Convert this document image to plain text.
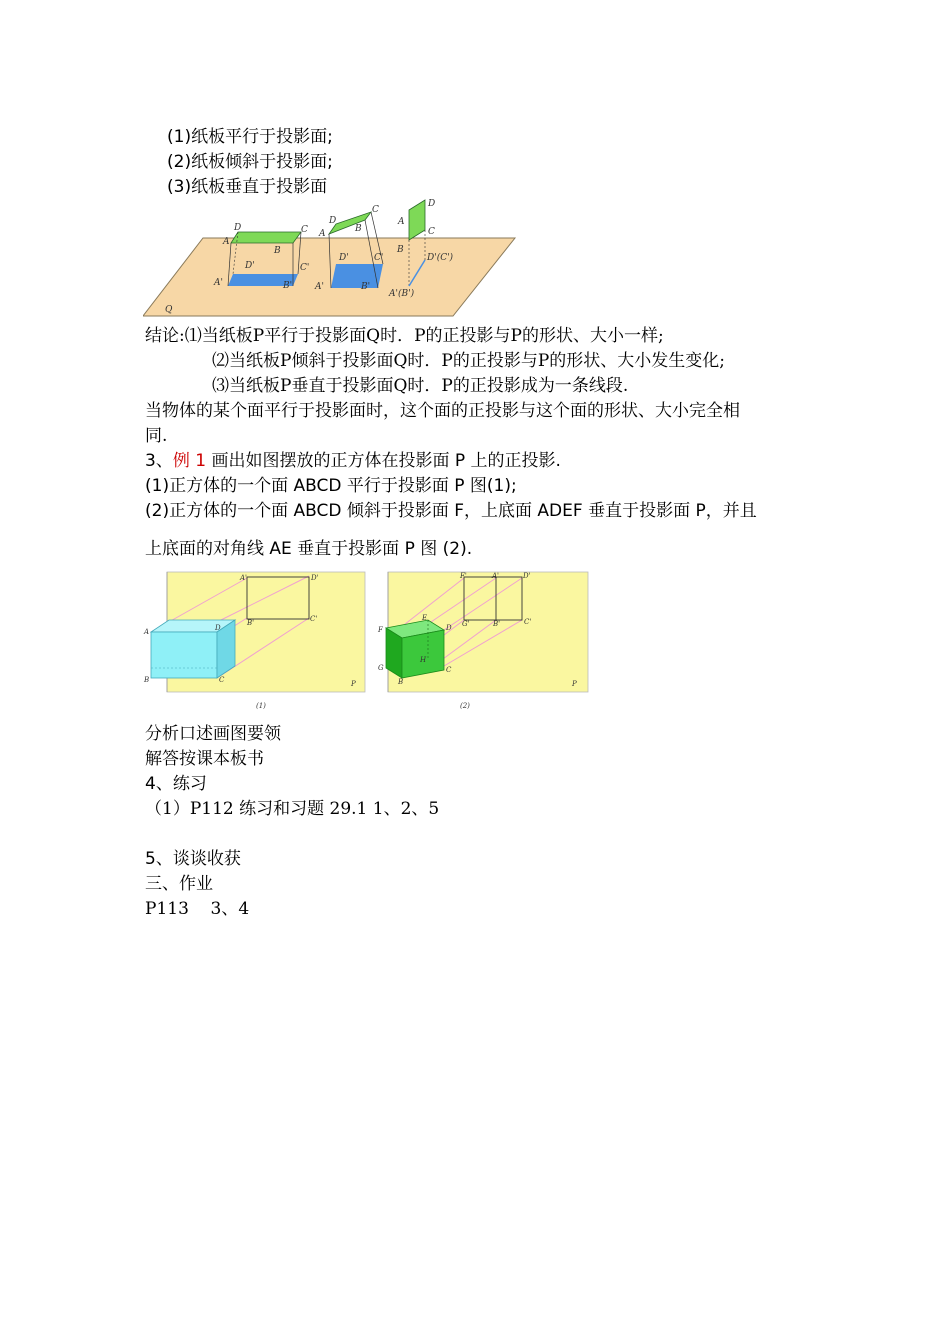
(1)纸板平行于投影面;
(2)纸板倾斜于投影面;
(3)纸板垂直于投影面
Q
D	C
A
B
D'	C'
A'	B'
D
C
A	B
D'	C'
A'	B'
A
D
C
B
D'(C')
A'(B')
结论:⑴当纸板P平行于投影面Q时．P的正投影与P的形状、大小一样;
⑵当纸板P倾斜于投影面Q时．P的正投影与P的形状、大小发生变化;
⑶当纸板P垂直于投影面Q时．P的正投影成为一条线段.
当物体的某个面平行于投影面时，这个面的正投影与这个面的形状、大小完全相
同.
3、例 1 画出如图摆放的正方体在投影面 P 上的正投影.
(1)正方体的一个面 ABCD 平行于投影面 P 图(1);
(2)正方体的一个面 ABCD 倾斜于投影面 F，上底面 ADEF 垂直于投影面 P，并且
上底面的对角线 AE 垂直于投影面 P 图 (2).
A'	D'
B'	C'
A	D
B	C	P
(1)
F'	A'	D'
G'	B'	C'
E
F	D
G
H
C
B	P
(2)
分析口述画图要领
解答按课本板书
4、练习
（1）P112 练习和习题 29.1 1、2、5
5、谈谈收获
三、作业
P113    3、4
